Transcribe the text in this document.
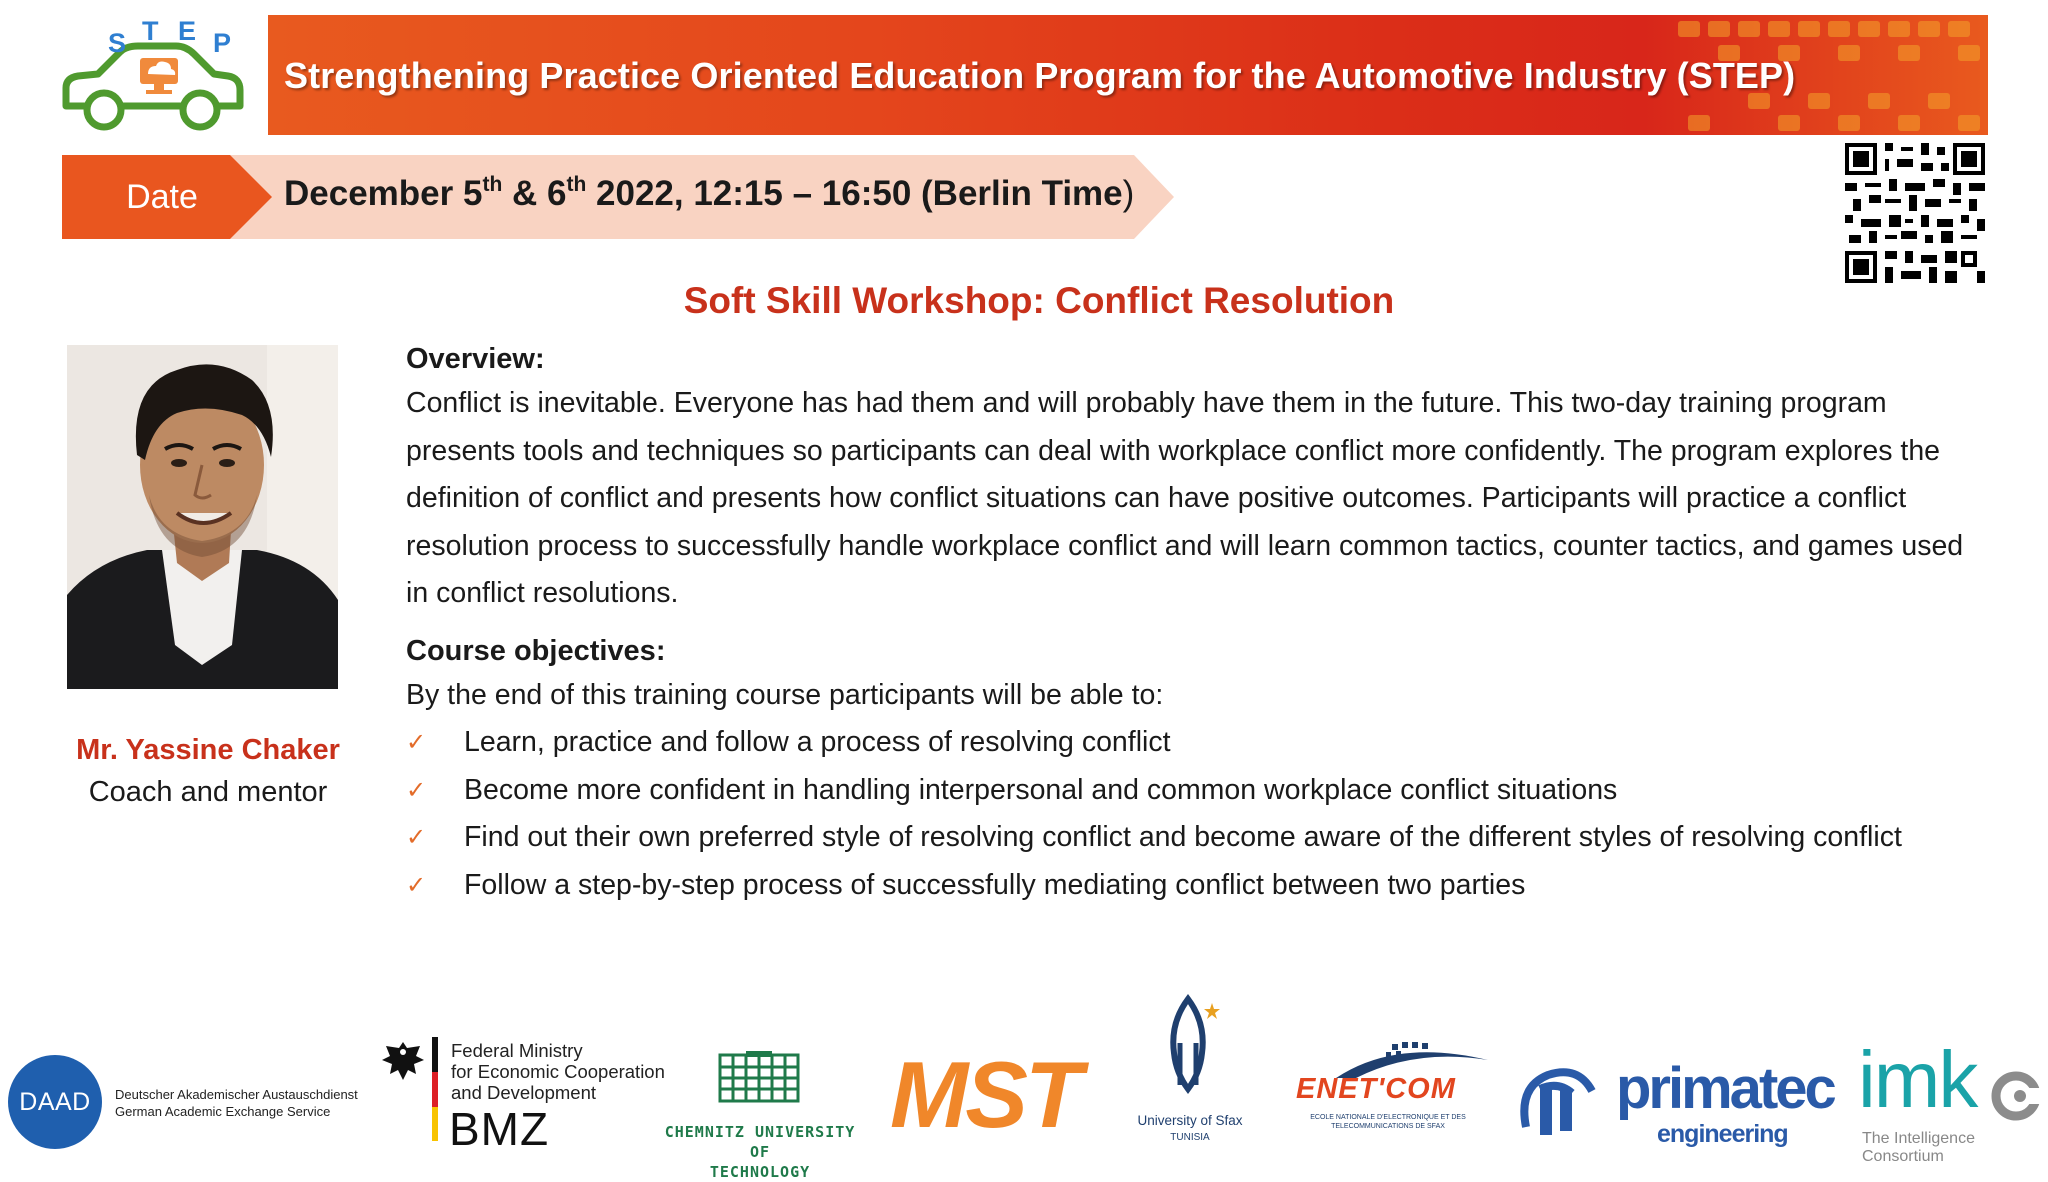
S T E P
Strengthening Practice Oriented Education Program for the Automotive Industry (STEP)
Date	December 5th & 6th 2022, 12:15 – 16:50 (Berlin Time)
Soft Skill Workshop: Conflict Resolution
Mr. Yassine Chaker
Coach and mentor
Overview:

Conflict is inevitable. Everyone has had them and will probably have them in the future. This two-day training program presents tools and techniques so participants can deal with workplace conflict more confidently. The program explores the definition of conflict and presents how conflict situations can have positive outcomes. Participants will practice a conflict resolution process to successfully handle workplace conflict and will learn common tactics, counter tactics, and games used in conflict resolutions.

Course objectives:

By the end of this training course participants will be able to:

✓ Learn, practice and follow a process of resolving conflict
✓ Become more confident in handling interpersonal and common workplace conflict situations
✓ Find out their own preferred style of resolving conflict and become aware of the different styles of resolving conflict
✓ Follow a step-by-step process of successfully mediating conflict between two parties
DAAD	Deutscher Akademischer Austauschdienst
German Academic Exchange Service
Federal Ministry
for Economic Cooperation
and Development
BMZ	CHEMNITZ UNIVERSITY OF
TECHNOLOGY
MST	University of Sfax
TUNISIA
ENET'COM
ECOLE NATIONALE D'ELECTRONIQUE ET DES TELECOMMUNICATIONS DE SFAX
primatec
engineering
imk
The Intelligence Consortium
